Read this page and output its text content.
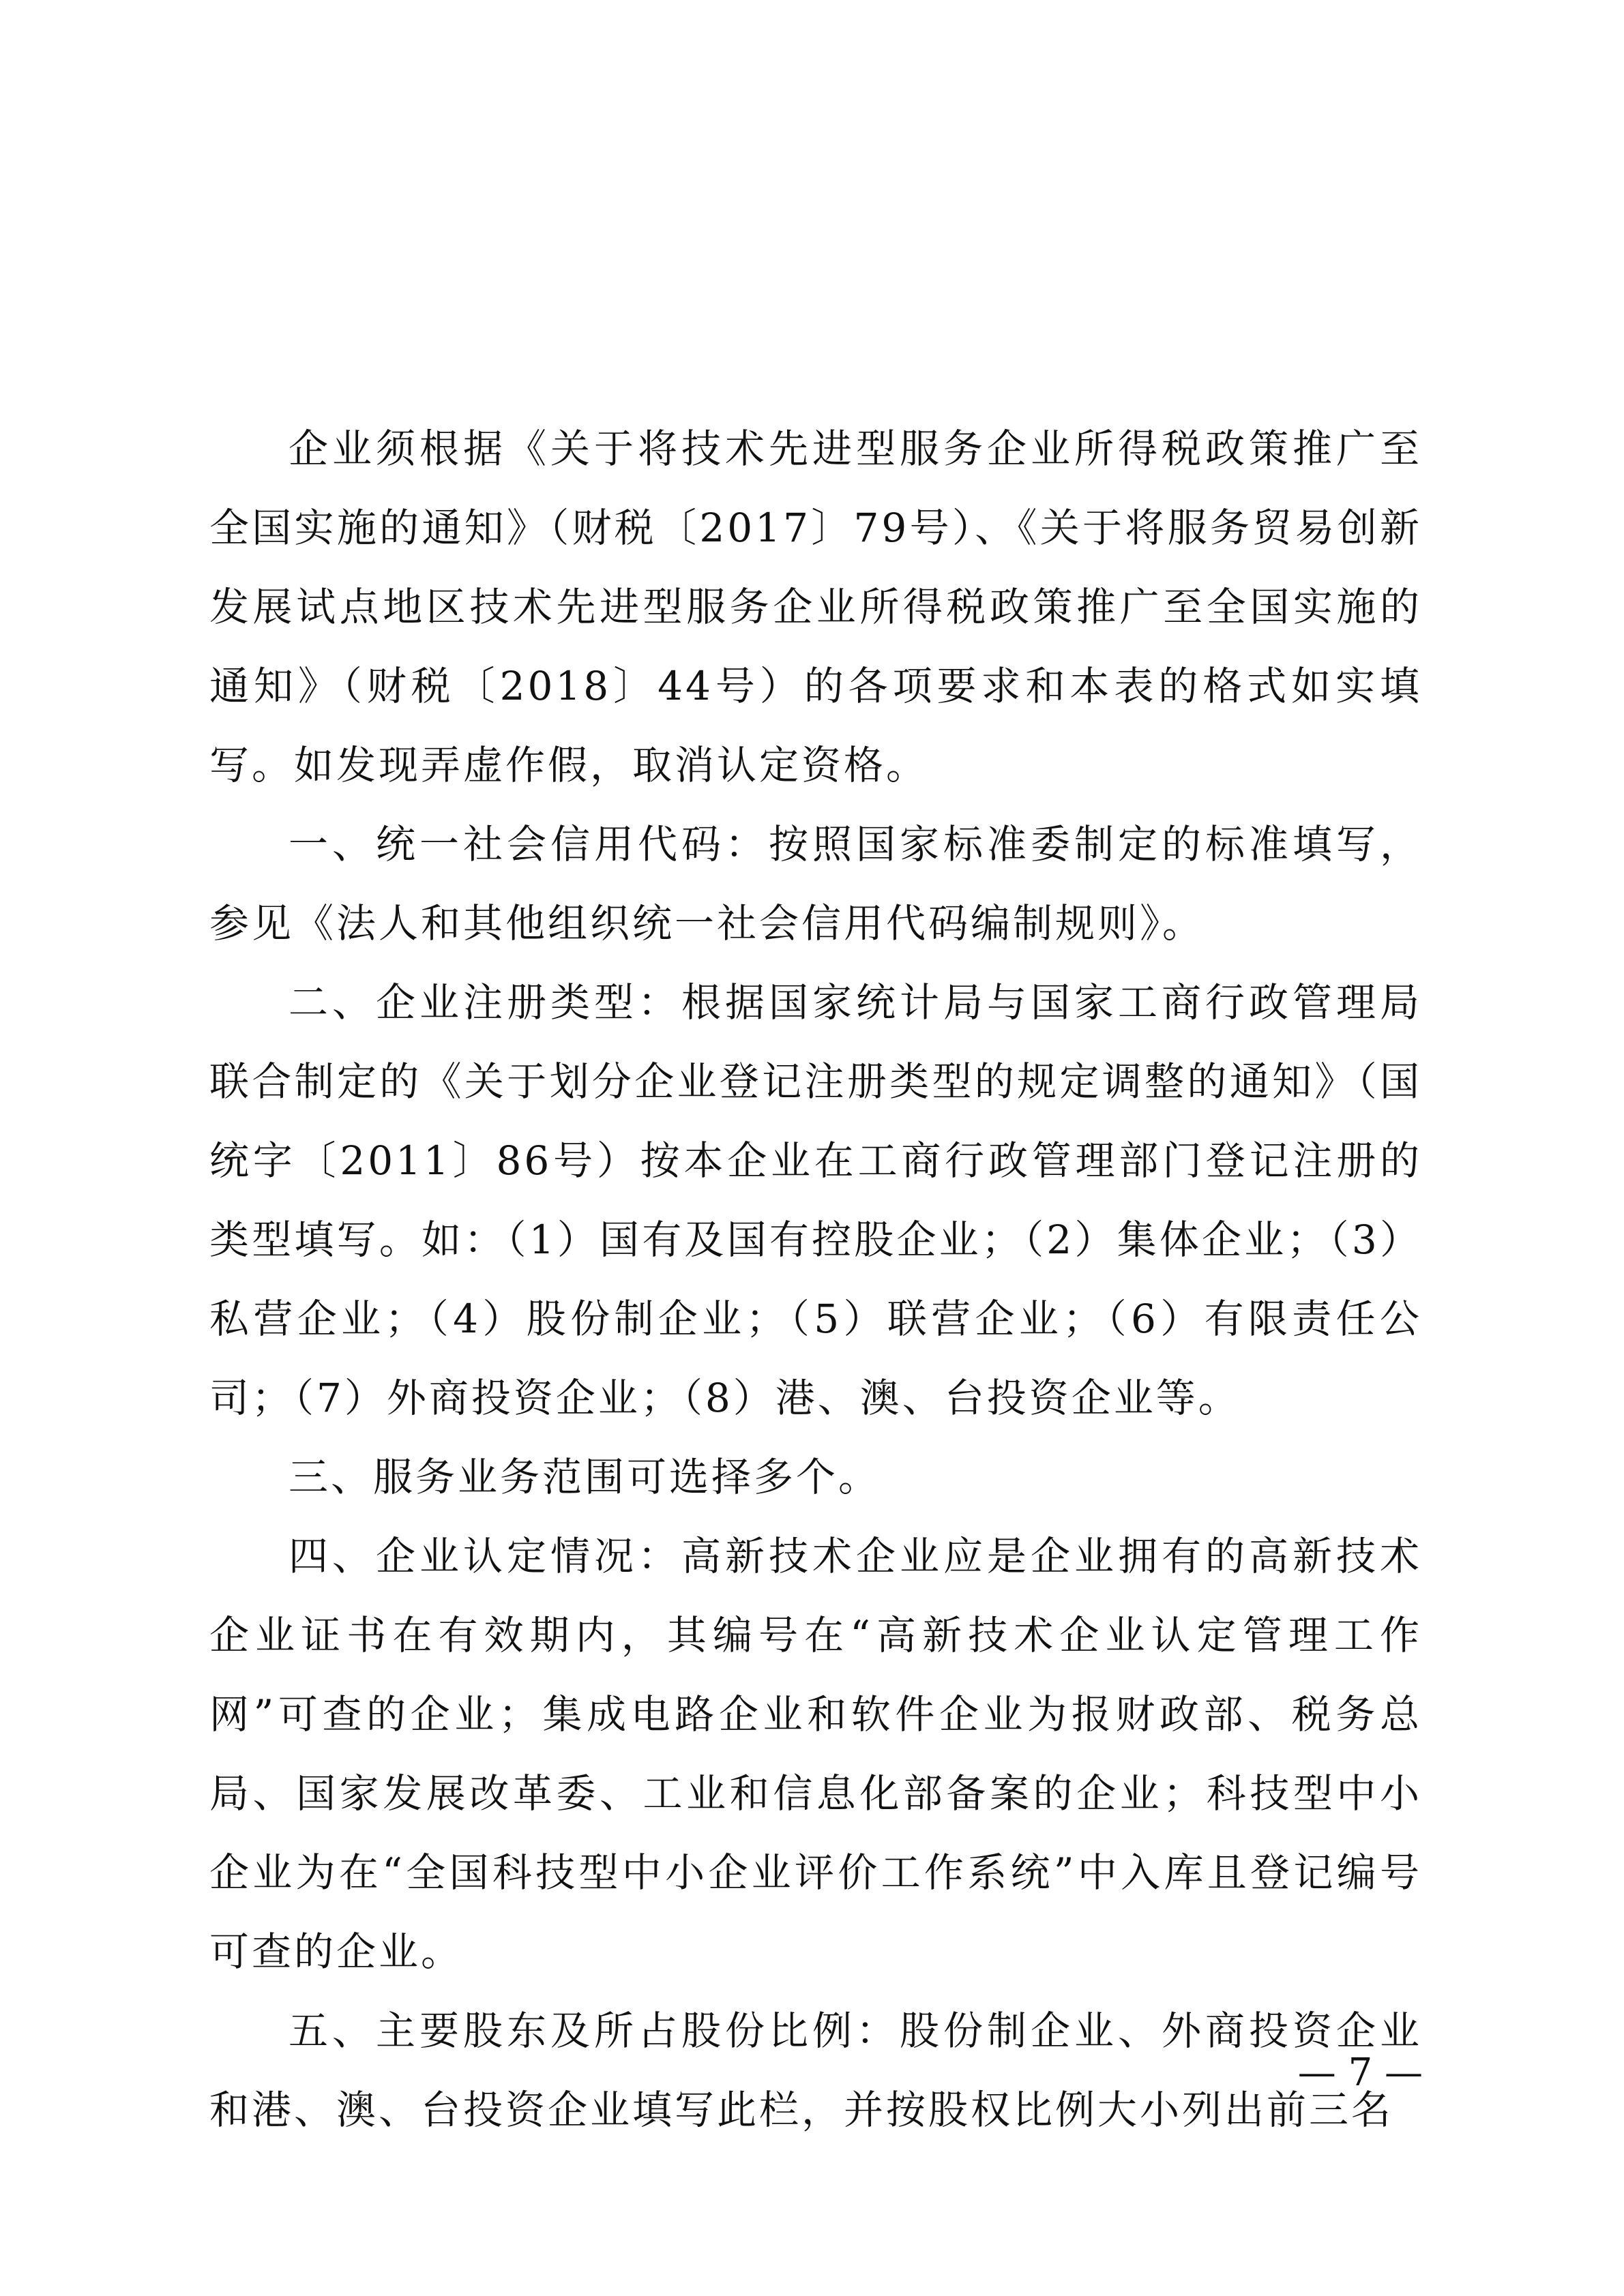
企业须根据《关于将技术先进型服务企业所得税政策推广至全国实施的通知》（财税〔2017〕79号）、《关于将服务贸易创新发展试点地区技术先进型服务企业所得税政策推广至全国实施的通知》（财税〔2018〕44号）的各项要求和本表的格式如实填写。如发现弄虚作假，取消认定资格。

一、统一社会信用代码：按照国家标准委制定的标准填写，参见《法人和其他组织统一社会信用代码编制规则》。

二、企业注册类型：根据国家统计局与国家工商行政管理局联合制定的《关于划分企业登记注册类型的规定调整的通知》（国统字〔2011〕86号）按本企业在工商行政管理部门登记注册的类型填写。如：（1）国有及国有控股企业；（2）集体企业；（3）私营企业；（4）股份制企业；（5）联营企业；（6）有限责任公司；（7）外商投资企业；（8）港、澳、台投资企业等。

三、服务业务范围可选择多个。

四、企业认定情况：高新技术企业应是企业拥有的高新技术企业证书在有效期内，其编号在“高新技术企业认定管理工作网”可查的企业；集成电路企业和软件企业为报财政部、税务总局、国家发展改革委、工业和信息化部备案的企业；科技型中小企业为在“全国科技型中小企业评价工作系统”中入库且登记编号可查的企业。

五、主要股东及所占股份比例：股份制企业、外商投资企业和港、澳、台投资企业填写此栏，并按股权比例大小列出前三名

— 7 —
